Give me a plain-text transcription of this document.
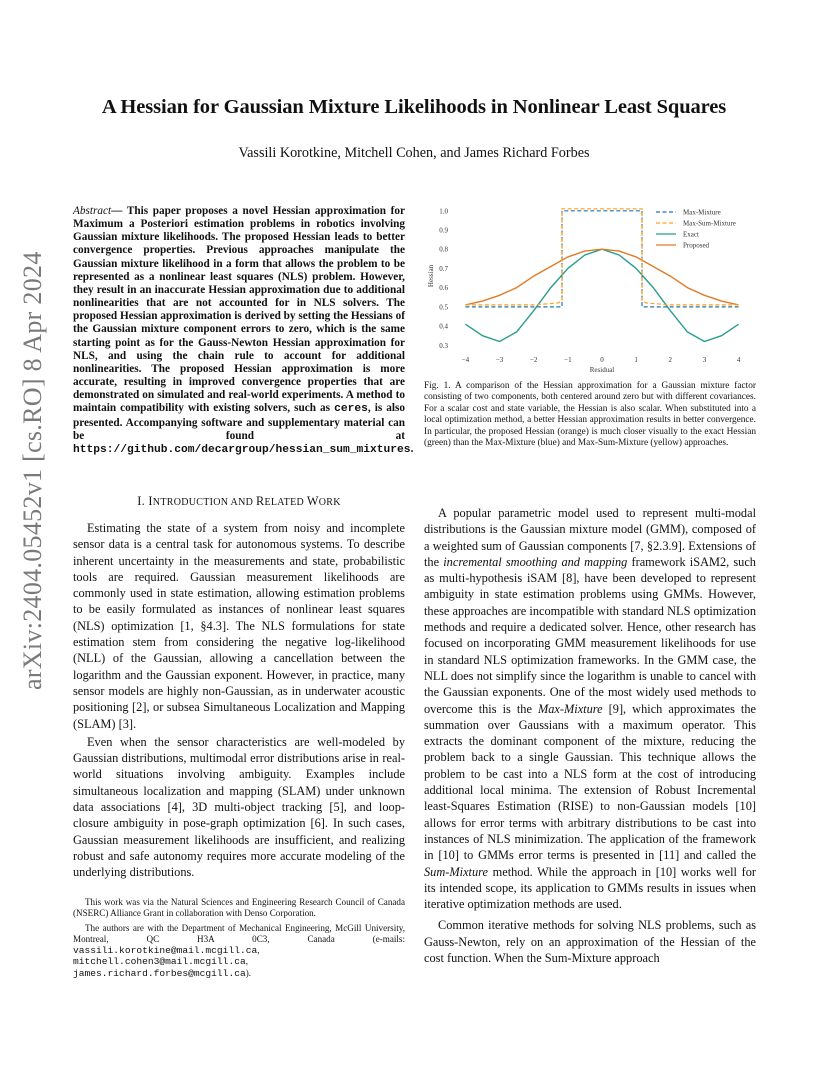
A Hessian for Gaussian Mixture Likelihoods in Nonlinear Least Squares
Vassili Korotkine, Mitchell Cohen, and James Richard Forbes
arXiv:2404.05452v1 [cs.RO] 8 Apr 2024
Abstract— This paper proposes a novel Hessian approximation for Maximum a Posteriori estimation problems in robotics involving Gaussian mixture likelihoods. The proposed Hessian leads to better convergence properties. Previous approaches manipulate the Gaussian mixture likelihood in a form that allows the problem to be represented as a nonlinear least squares (NLS) problem. However, they result in an inaccurate Hessian approximation due to additional nonlinearities that are not accounted for in NLS solvers. The proposed Hessian approximation is derived by setting the Hessians of the Gaussian mixture component errors to zero, which is the same starting point as for the Gauss-Newton Hessian approximation for NLS, and using the chain rule to account for additional nonlinearities. The proposed Hessian approximation is more accurate, resulting in improved convergence properties that are demonstrated on simulated and real-world experiments. A method to maintain compatibility with existing solvers, such as ceres, is also presented. Accompanying software and supplementary material can be found at https://github.com/decargroup/hessian_sum_mixtures.
I. INTRODUCTION AND RELATED WORK

Estimating the state of a system from noisy and incomplete sensor data is a central task for autonomous systems. To describe inherent uncertainty in the measurements and state, probabilistic tools are required. Gaussian measurement likelihoods are commonly used in state estimation, allowing estimation problems to be easily formulated as instances of nonlinear least squares (NLS) optimization [1, §4.3]. The NLS formulations for state estimation stem from considering the negative log-likelihood (NLL) of the Gaussian, allowing a cancellation between the logarithm and the Gaussian exponent. However, in practice, many sensor models are highly non-Gaussian, as in underwater acoustic positioning [2], or subsea Simultaneous Localization and Mapping (SLAM) [3].

Even when the sensor characteristics are well-modeled by Gaussian distributions, multimodal error distributions arise in real-world situations involving ambiguity. Examples include simultaneous localization and mapping (SLAM) under unknown data associations [4], 3D multi-object tracking [5], and loop-closure ambiguity in pose-graph optimization [6]. In such cases, Gaussian measurement likelihoods are insufficient, and realizing robust and safe autonomy requires more accurate modeling of the underlying distributions.

This work was via the Natural Sciences and Engineering Research Council of Canada (NSERC) Alliance Grant in collaboration with Denso Corporation.

The authors are with the Department of Mechanical Engineering, McGill University, Montreal, QC H3A 0C3, Canada (e-mails: vassili.korotkine@mail.mcgill.ca, mitchell.cohen3@mail.mcgill.ca, james.richard.forbes@mcgill.ca).

−4	−3	−2	−1	0	1	2	3	4
0.3
0.4
0.5
0.6
0.7
0.8
0.9
1.0	Max-Mixture
Max-Sum-Mixture
Exact
Proposed
Residual
Hessian
Fig. 1. A comparison of the Hessian approximation for a Gaussian mixture factor consisting of two components, both centered around zero but with different covariances. For a scalar cost and state variable, the Hessian is also scalar. When substituted into a local optimization method, a better Hessian approximation results in better convergence. In particular, the proposed Hessian (orange) is much closer visually to the exact Hessian (green) than the Max-Mixture (blue) and Max-Sum-Mixture (yellow) approaches.

A popular parametric model used to represent multi-modal distributions is the Gaussian mixture model (GMM), composed of a weighted sum of Gaussian components [7, §2.3.9]. Extensions of the incremental smoothing and mapping framework iSAM2, such as multi-hypothesis iSAM [8], have been developed to represent ambiguity in state estimation problems using GMMs. However, these approaches are incompatible with standard NLS optimization methods and require a dedicated solver. Hence, other research has focused on incorporating GMM measurement likelihoods for use in standard NLS optimization frameworks. In the GMM case, the NLL does not simplify since the logarithm is unable to cancel with the Gaussian exponents. One of the most widely used methods to overcome this is the Max-Mixture [9], which approximates the summation over Gaussians with a maximum operator. This extracts the dominant component of the mixture, reducing the problem back to a single Gaussian. This technique allows the problem to be cast into a NLS form at the cost of introducing additional local minima. The extension of Robust Incremental least-Squares Estimation (RISE) to non-Gaussian models [10] allows for error terms with arbitrary distributions to be cast into instances of NLS minimization. The application of the framework in [10] to GMMs error terms is presented in [11] and called the Sum-Mixture method. While the approach in [10] works well for its intended scope, its application to GMMs results in issues when iterative optimization methods are used.

Common iterative methods for solving NLS problems, such as Gauss-Newton, rely on an approximation of the Hessian of the cost function. When the Sum-Mixture approach
